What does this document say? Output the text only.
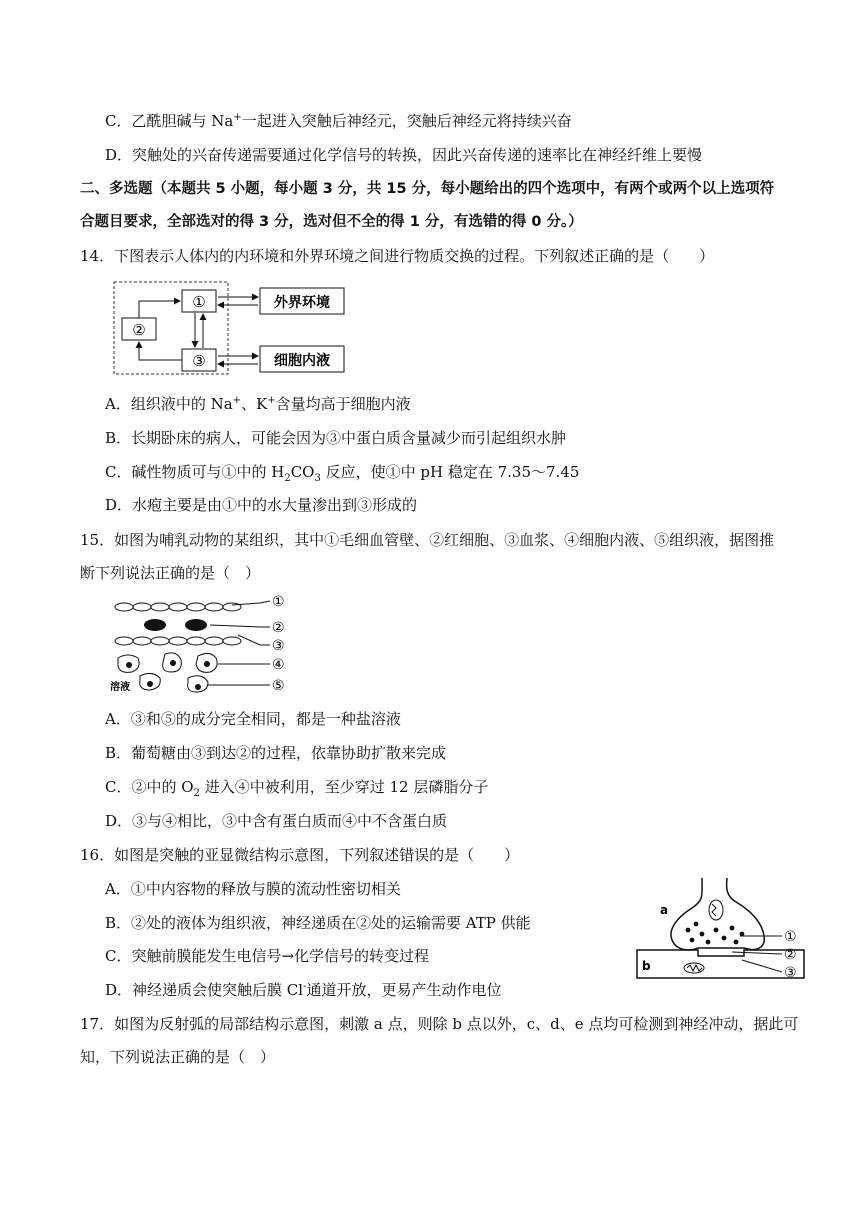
C．乙酰胆碱与 Na+一起进入突触后神经元，突触后神经元将持续兴奋
D．突触处的兴奋传递需要通过化学信号的转换，因此兴奋传递的速率比在神经纤维上要慢
二、多选题（本题共 5 小题，每小题 3 分，共 15 分，每小题给出的四个选项中，有两个或两个以上选项符
合题目要求，全部选对的得 3 分，选对但不全的得 1 分，有选错的得 0 分。）
14．下图表示人体内的内环境和外界环境之间进行物质交换的过程。下列叙述正确的是（　　）
①
②
③
外界环境
细胞内液
A．组织液中的 Na+、K+含量均高于细胞内液
B．长期卧床的病人，可能会因为③中蛋白质含量减少而引起组织水肿
C．碱性物质可与①中的 $H_2CO_3$ 反应，使①中 pH 稳定在 7.35～7.45
D．水疱主要是由①中的水大量渗出到③形成的
15．如图为哺乳动物的某组织，其中①毛细血管壁、②红细胞、③血浆、④细胞内液、⑤组织液，据图推
断下列说法正确的是（　）
溶液
①
②
③
④
⑤
A．③和⑤的成分完全相同，都是一种盐溶液
B．葡萄糖由③到达②的过程，依靠协助扩散来完成
C．②中的 $O_2$ 进入④中被利用，至少穿过 12 层磷脂分子
D．③与④相比，③中含有蛋白质而④中不含蛋白质
16．如图是突触的亚显微结构示意图，下列叙述错误的是（　　）
A．①中内容物的释放与膜的流动性密切相关
B．②处的液体为组织液，神经递质在②处的运输需要 ATP 供能
C．突触前膜能发生电信号→化学信号的转变过程
D．神经递质会使突触后膜 Cl-通道开放，更易产生动作电位
a
b
①
②
③
17．如图为反射弧的局部结构示意图，刺激 a 点，则除 b 点以外，c、d、e 点均可检测到神经冲动，据此可
知，下列说法正确的是（　）
